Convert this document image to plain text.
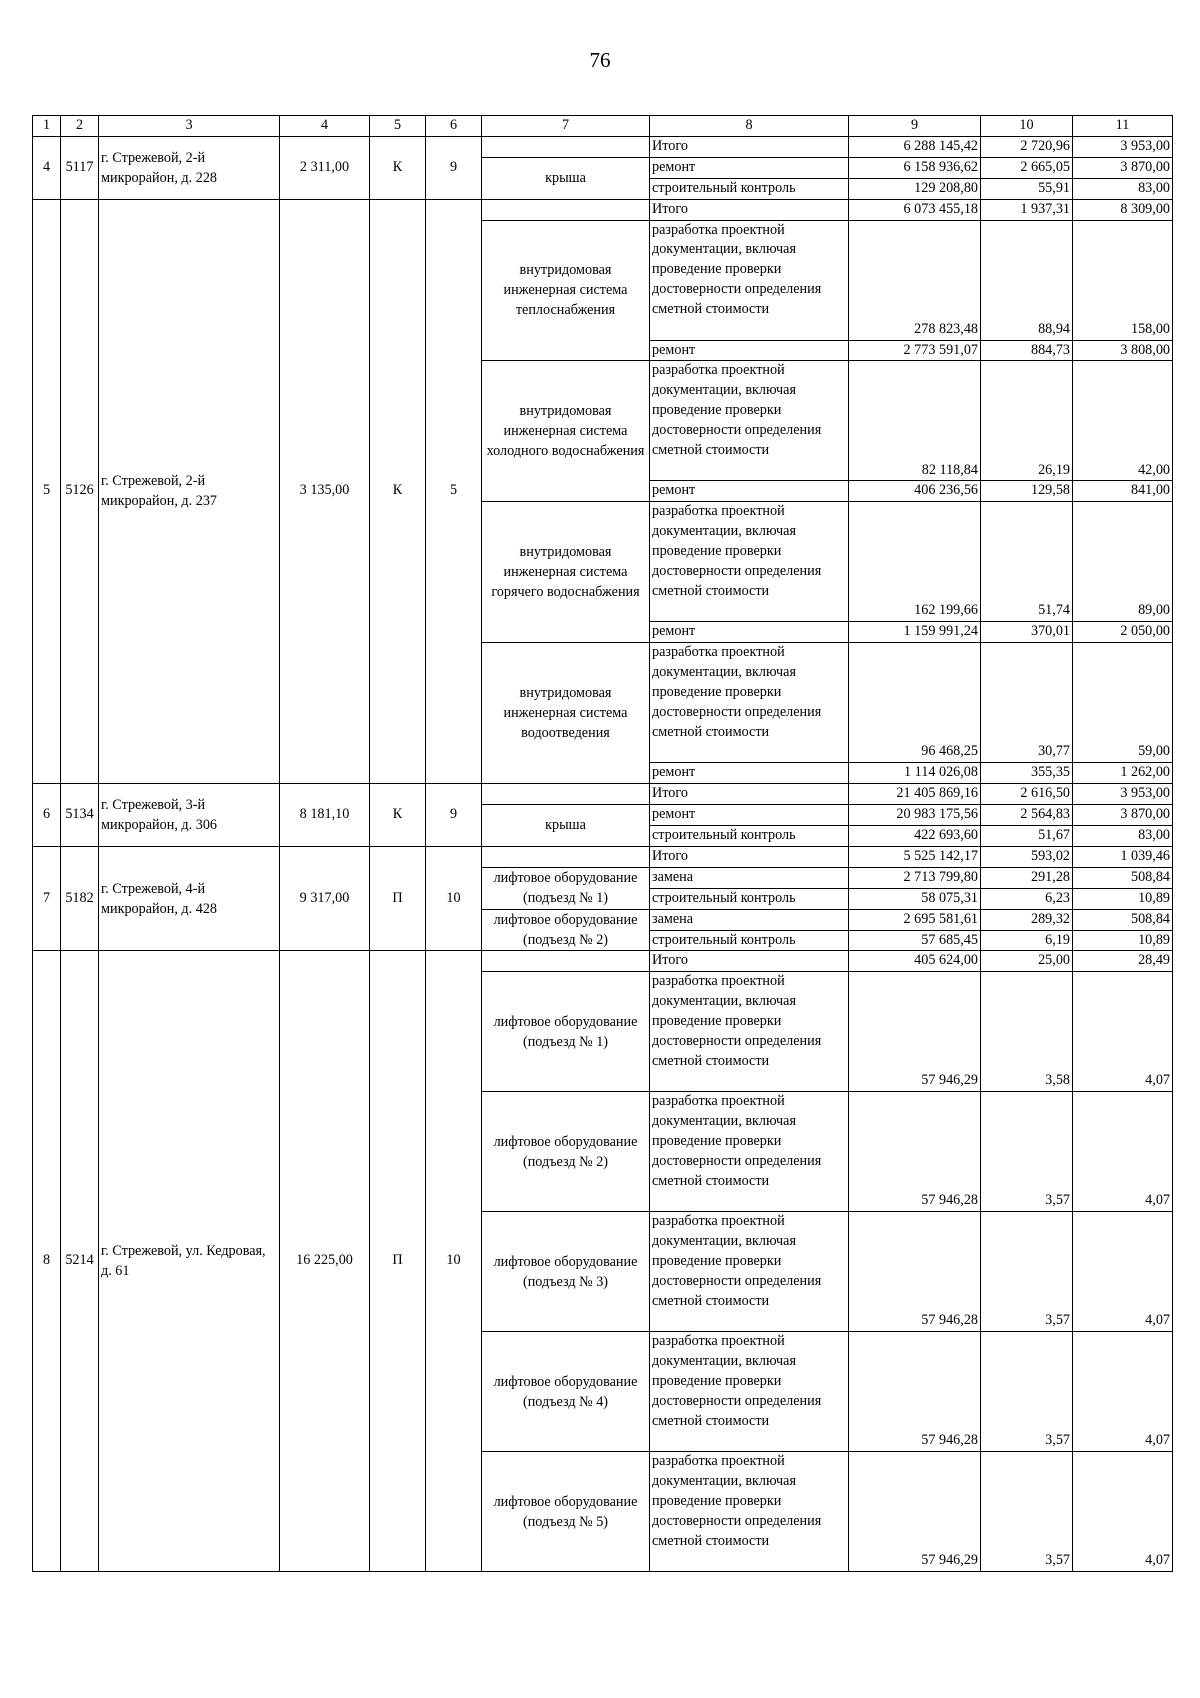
76
1	2	3	4	5	6	7	8	9	10	11
4	5117	г. Стрежевой, 2-й микрорайон, д. 228	2 311,00	К	9		Итого	6 288 145,42	2 720,96	3 953,00
						крыша	ремонт	6 158 936,62	2 665,05	3 870,00
							строительный контроль	129 208,80	55,91	83,00
5	5126	г. Стрежевой, 2-й микрорайон, д. 237	3 135,00	К	5		Итого	6 073 455,18	1 937,31	8 309,00
						внутридомовая инженерная система теплоснабжения	разработка проектной документации, включая проведение проверки достоверности определения сметной стоимости	278 823,48	88,94	158,00
							ремонт	2 773 591,07	884,73	3 808,00
						внутридомовая инженерная система холодного водоснабжения	разработка проектной документации, включая проведение проверки достоверности определения сметной стоимости	82 118,84	26,19	42,00
							ремонт	406 236,56	129,58	841,00
						внутридомовая инженерная система горячего водоснабжения	разработка проектной документации, включая проведение проверки достоверности определения сметной стоимости	162 199,66	51,74	89,00
							ремонт	1 159 991,24	370,01	2 050,00
						внутридомовая инженерная система водоотведения	разработка проектной документации, включая проведение проверки достоверности определения сметной стоимости	96 468,25	30,77	59,00
							ремонт	1 114 026,08	355,35	1 262,00
6	5134	г. Стрежевой, 3-й микрорайон, д. 306	8 181,10	К	9		Итого	21 405 869,16	2 616,50	3 953,00
						крыша	ремонт	20 983 175,56	2 564,83	3 870,00
							строительный контроль	422 693,60	51,67	83,00
7	5182	г. Стрежевой, 4-й микрорайон, д. 428	9 317,00	П	10		Итого	5 525 142,17	593,02	1 039,46
						лифтовое оборудование (подъезд № 1)	замена	2 713 799,80	291,28	508,84
							строительный контроль	58 075,31	6,23	10,89
						лифтовое оборудование (подъезд № 2)	замена	2 695 581,61	289,32	508,84
							строительный контроль	57 685,45	6,19	10,89
8	5214	г. Стрежевой, ул. Кедровая, д. 61	16 225,00	П	10		Итого	405 624,00	25,00	28,49
						лифтовое оборудование (подъезд № 1)	разработка проектной документации, включая проведение проверки достоверности определения сметной стоимости	57 946,29	3,58	4,07
						лифтовое оборудование (подъезд № 2)	разработка проектной документации, включая проведение проверки достоверности определения сметной стоимости	57 946,28	3,57	4,07
						лифтовое оборудование (подъезд № 3)	разработка проектной документации, включая проведение проверки достоверности определения сметной стоимости	57 946,28	3,57	4,07
						лифтовое оборудование (подъезд № 4)	разработка проектной документации, включая проведение проверки достоверности определения сметной стоимости	57 946,28	3,57	4,07
						лифтовое оборудование (подъезд № 5)	разработка проектной документации, включая проведение проверки достоверности определения сметной стоимости	57 946,29	3,57	4,07
